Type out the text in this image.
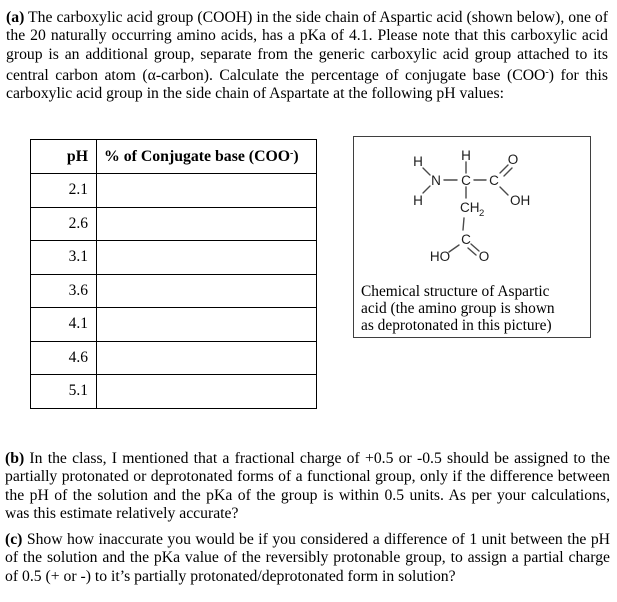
(a) The carboxylic acid group (COOH) in the side chain of Aspartic acid (shown below), one of the 20 naturally occurring amino acids, has a pKa of 4.1. Please note that this carboxylic acid group is an additional group, separate from the generic carboxylic acid group attached to its central carbon atom (α-carbon). Calculate the percentage of conjugate base (COO-) for this carboxylic acid group in the side chain of Aspartate at the following pH values:

pH	% of Conjugate base (COO-)
2.1	
2.6	
3.1	
3.6	
4.1	
4.6	
5.1	
H
N
H
H
C C
O
OH
CH 2
C
HO O
Chemical structure of Aspartic
acid (the amino group is shown
as deprotonated in this picture)

(b) In the class, I mentioned that a fractional charge of +0.5 or -0.5 should be assigned to the partially protonated or deprotonated forms of a functional group, only if the difference between the pH of the solution and the pKa of the group is within 0.5 units. As per your calculations, was this estimate relatively accurate?

(c) Show how inaccurate you would be if you considered a difference of 1 unit between the pH of the solution and the pKa value of the reversibly protonable group, to assign a partial charge of 0.5 (+ or -) to it’s partially protonated/deprotonated form in solution?
